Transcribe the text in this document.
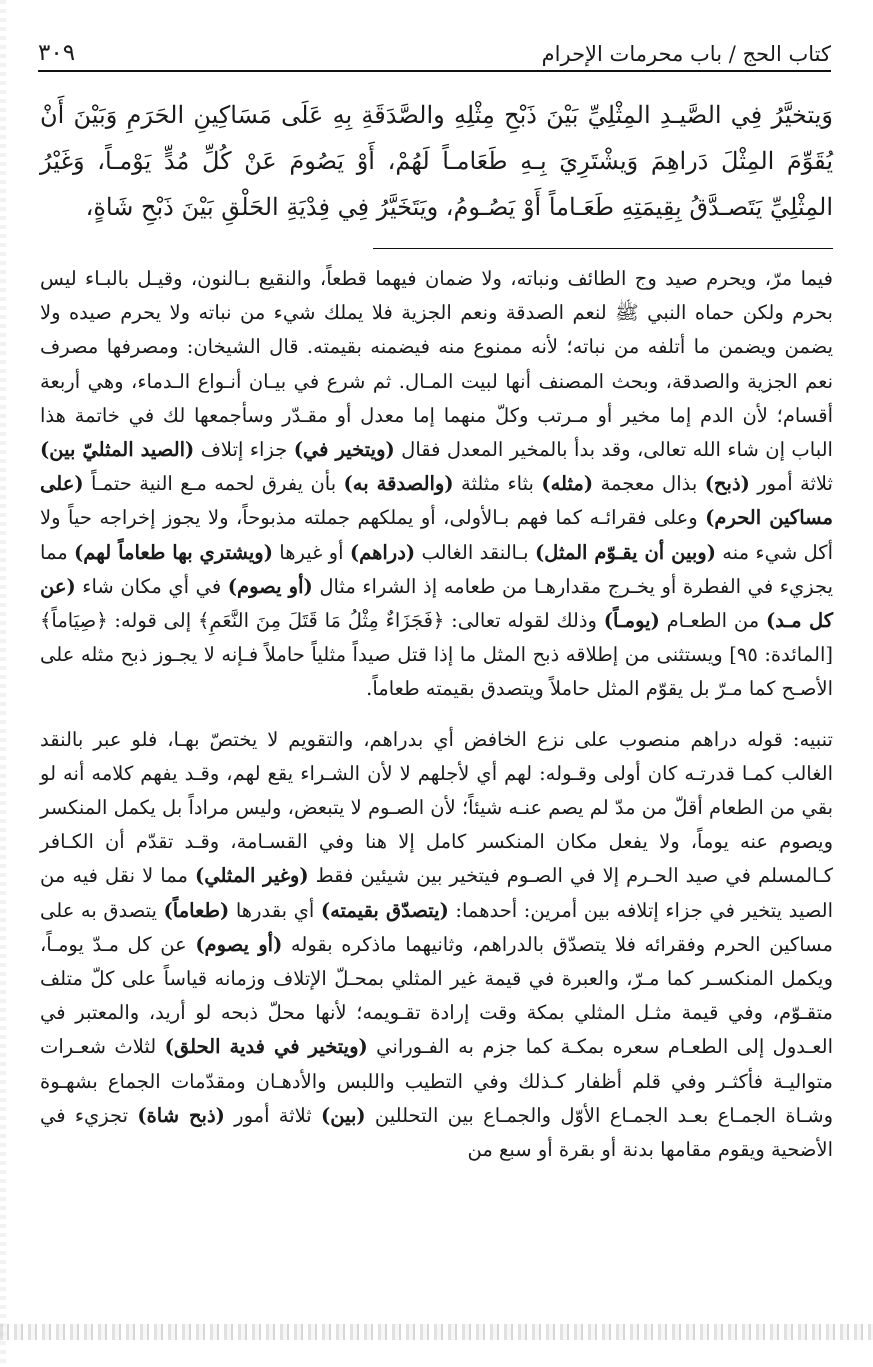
كتاب الحج / باب محرمات الإحرام
٣٠٩

وَيتخيَّرُ فِي الصَّيـدِ المِثْلِيِّ بَيْنَ ذَبْحِ مِثْلِهِ والصَّدَقَةِ بِهِ عَلَى مَسَاكِينِ الحَرَمِ وَبَيْنَ أَنْ يُقَوِّمَ المِثْلَ دَراهِمَ وَيشْتَرِيَ بِـهِ طَعَامـاً لَهُمْ، أَوْ يَصُومَ عَنْ كُلِّ مُدٍّ يَوْمـاً، وَغَيْرُ المِثْلِيِّ يَتَصـدَّقُ بِقِيمَتِهِ طَعَـاماً أَوْ يَصُـومُ، ويَتَخَيَّرُ فِي فِدْيَةِ الحَلْقِ بَيْنَ ذَبْحِ شَاةٍ،

فيما مرّ، ويحرم صيد وج الطائف ونباته، ولا ضمان فيهما قطعاً، والنقيع بـالنون، وقيـل بالبـاء ليس بحرم ولكن حماه النبي ﷺ لنعم الصدقة ونعم الجزية فلا يملك شيء من نباته ولا يحرم صيده ولا يضمن ويضمن ما أتلفه من نباته؛ لأنه ممنوع منه فيضمنه بقيمته. قال الشيخان: ومصرفها مصرف نعم الجزية والصدقة، وبحث المصنف أنها لبيت المـال. ثم شرع في بيـان أنـواع الـدماء، وهي أربعة أقسام؛ لأن الدم إما مخير أو مـرتب وكلّ منهما إما معدل أو مقـدّر وسأجمعها لك في خاتمة هذا الباب إن شاء الله تعالى، وقد بدأ بالمخير المعدل فقال (ويتخير في) جزاء إتلاف (الصيد المثليّ بين) ثلاثة أمور (ذبح) بذال معجمة (مثله) بثاء مثلثة (والصدقة به) بأن يفرق لحمه مـع النية حتمـاً (على مساكين الحرم) وعلى فقرائـه كما فهم بـالأولى، أو يملكهم جملته مذبوحاً، ولا يجوز إخراجه حياً ولا أكل شيء منه (وبين أن يقـوّم المثل) بـالنقد الغالب (دراهم) أو غيرها (ويشتري بها طعاماً لهم) مما يجزيء في الفطرة أو يخـرج مقدارهـا من طعامه إذ الشراء مثال (أو يصوم) في أي مكان شاء (عن كل مـد) من الطعـام (يومـاً) وذلك لقوله تعالى: ﴿فَجَزَاءٌ مِثْلُ مَا قَتَلَ مِنَ النَّعَمِ﴾ إلى قوله: ﴿صِيَاماً﴾ [المائدة: ٩٥] ويستثنى من إطلاقه ذبح المثل ما إذا قتل صيداً مثلياً حاملاً فـإنه لا يجـوز ذبح مثله على الأصـح كما مـرّ بل يقوّم المثل حاملاً ويتصدق بقيمته طعاماً.

تنبيه: قوله دراهم منصوب على نزع الخافض أي بدراهم، والتقويم لا يختصّ بهـا، فلو عبر بالنقد الغالب كمـا قدرتـه كان أولى وقـوله: لهم أي لأجلهم لا لأن الشـراء يقع لهم، وقـد يفهم كلامه أنه لو بقي من الطعام أقلّ من مدّ لم يصم عنـه شيئاً؛ لأن الصـوم لا يتبعض، وليس مراداً بل يكمل المنكسر ويصوم عنه يوماً، ولا يفعل مكان المنكسر كامل إلا هنا وفي القسـامة، وقـد تقدّم أن الكـافر كـالمسلم في صيد الحـرم إلا في الصـوم فيتخير بين شيئين فقط (وغير المثلي) مما لا نقل فيه من الصيد يتخير في جزاء إتلافه بين أمرين: أحدهما: (يتصدّق بقيمته) أي بقدرها (طعاماً) يتصدق به على مساكين الحرم وفقرائه فلا يتصدّق بالدراهم، وثانيهما ماذكره بقوله (أو يصوم) عن كل مـدّ يومـاً، ويكمل المنكسـر كما مـرّ، والعبرة في قيمة غير المثلي بمحـلّ الإتلاف وزمانه قياساً على كلّ متلف متقـوّم، وفي قيمة مثـل المثلي بمكة وقت إرادة تقـويمه؛ لأنها محلّ ذبحه لو أريد، والمعتبر في العـدول إلى الطعـام سعره بمكـة كما جزم به الفـوراني (ويتخير في فدية الحلق) لثلاث شعـرات متواليـة فأكثـر وفي قلم أظفار كـذلك وفي التطيب واللبس والأدهـان ومقدّمات الجماع بشهـوة وشـاة الجمـاع بعـد الجمـاع الأوّل والجمـاع بين التحللين (بين) ثلاثة أمور (ذبح شاة) تجزيء في الأضحية ويقوم مقامها بدنة أو بقرة أو سبع من
